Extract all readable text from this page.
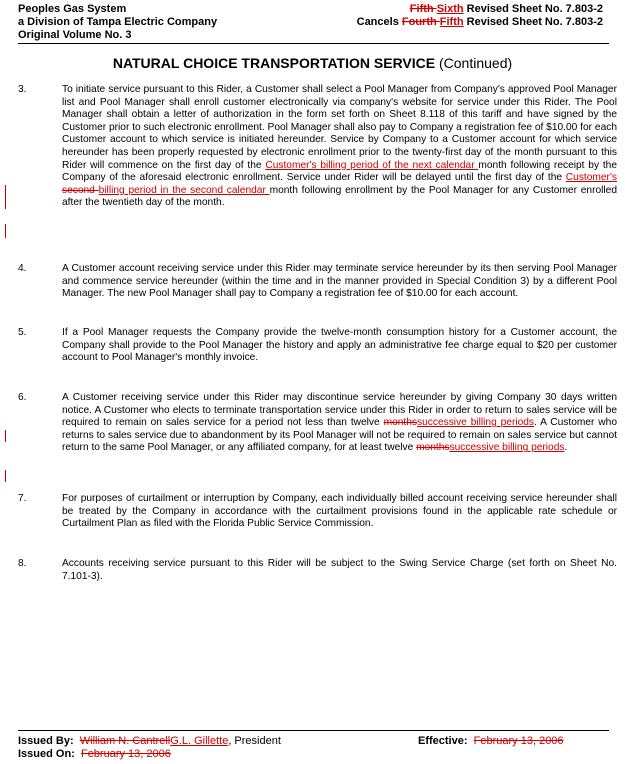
Peoples Gas System
a Division of Tampa Electric Company
Original Volume No. 3
Fifth Sixth Revised Sheet No. 7.803-2
Cancels Fourth Fifth Revised Sheet No. 7.803-2
NATURAL CHOICE TRANSPORTATION SERVICE (Continued)
3.	To initiate service pursuant to this Rider, a Customer shall select a Pool Manager from Company's approved Pool Manager list and Pool Manager shall enroll customer electronically via company's website for service under this Rider. The Pool Manager shall obtain a letter of authorization in the form set forth on Sheet 8.118 of this tariff and have signed by the Customer prior to such electronic enrollment. Pool Manager shall also pay to Company a registration fee of $10.00 for each Customer account to which service is initiated hereunder. Service by Company to a Customer account for which service hereunder has been properly requested by electronic enrollment prior to the twenty-first day of the month pursuant to this Rider will commence on the first day of the Customer's billing period of the next calendar month following receipt by the Company of the aforesaid electronic enrollment. Service under Rider will be delayed until the first day of the Customer's second billing period in the second calendar month following enrollment by the Pool Manager for any Customer enrolled after the twentieth day of the month.
4.	A Customer account receiving service under this Rider may terminate service hereunder by its then serving Pool Manager and commence service hereunder (within the time and in the manner provided in Special Condition 3) by a different Pool Manager. The new Pool Manager shall pay to Company a registration fee of $10.00 for each account.
5.	If a Pool Manager requests the Company provide the twelve-month consumption history for a Customer account, the Company shall provide to the Pool Manager the history and apply an administrative fee charge equal to $20 per customer account to Pool Manager's monthly invoice.
6.	A Customer receiving service under this Rider may discontinue service hereunder by giving Company 30 days written notice. A Customer who elects to terminate transportation service under this Rider in order to return to sales service will be required to remain on sales service for a period not less than twelve monthssuccessive billing periods. A Customer who returns to sales service due to abandonment by its Pool Manager will not be required to remain on sales service but cannot return to the same Pool Manager, or any affiliated company, for at least twelve monthssuccessive billing periods.
7.	For purposes of curtailment or interruption by Company, each individually billed account receiving service hereunder shall be treated by the Company in accordance with the curtailment provisions found in the applicable rate schedule or Curtailment Plan as filed with the Florida Public Service Commission.
8.	Accounts receiving service pursuant to this Rider will be subject to the Swing Service Charge (set forth on Sheet No. 7.101-3).
Issued By: William N. CantrellG.L. Gillette, President
Issued On: February 13, 2006
Effective: February 13, 2006
